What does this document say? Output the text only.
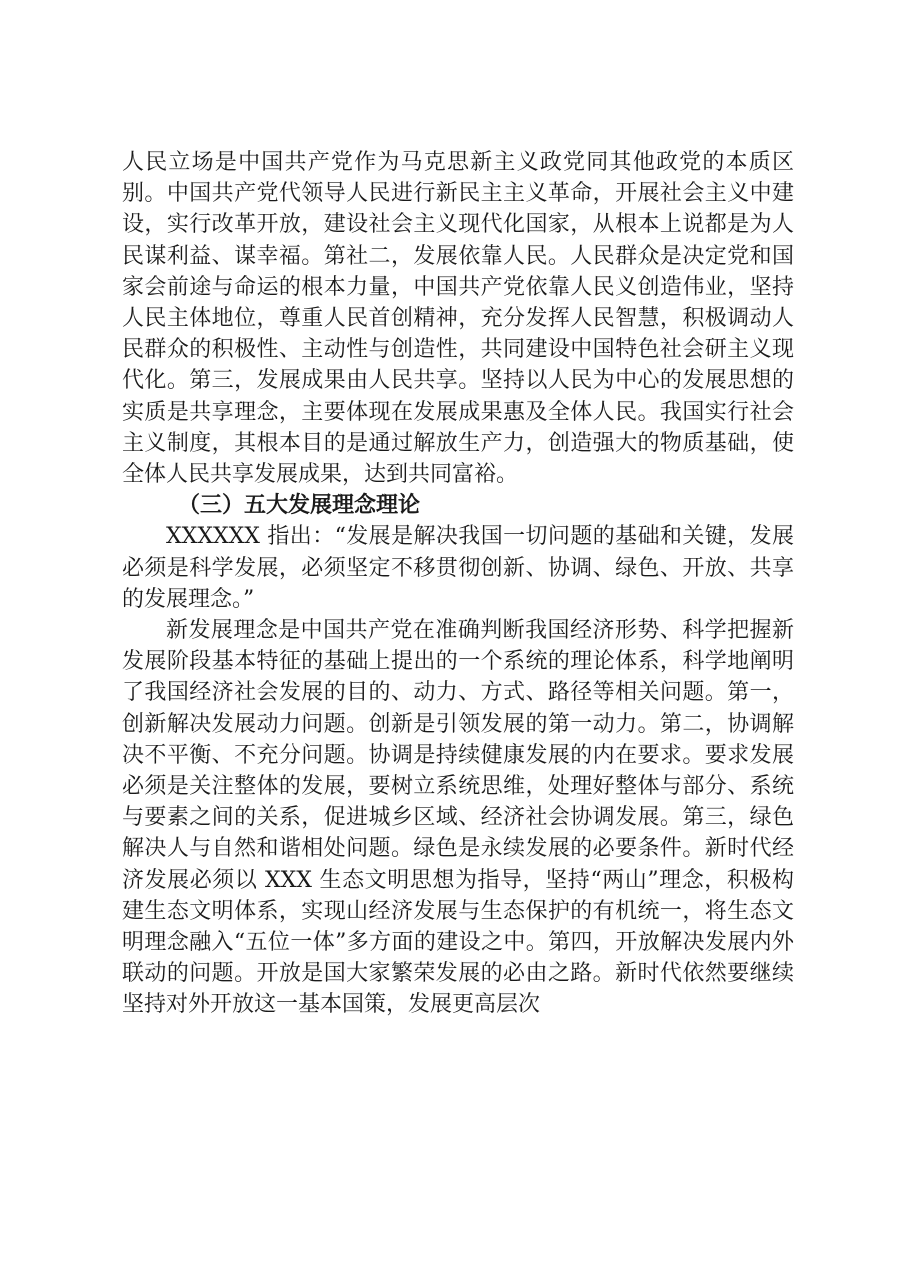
人民立场是中国共产党作为马克思新主义政党同其他政党的本质区别。中国共产党代领导人民进行新民主主义革命，开展社会主义中建设，实行改革开放，建设社会主义现代化国家，从根本上说都是为人民谋利益、谋幸福。第社二，发展依靠人民。人民群众是决定党和国家会前途与命运的根本力量，中国共产党依靠人民义创造伟业，坚持人民主体地位，尊重人民首创精神，充分发挥人民智慧，积极调动人民群众的积极性、主动性与创造性，共同建设中国特色社会研主义现代化。第三，发展成果由人民共享。坚持以人民为中心的发展思想的实质是共享理念，主要体现在发展成果惠及全体人民。我国实行社会主义制度，其根本目的是通过解放生产力，创造强大的物质基础，使全体人民共享发展成果，达到共同富裕。

（三）五大发展理念理论

XXXXXX 指出：“发展是解决我国一切问题的基础和关键，发展必须是科学发展，必须坚定不移贯彻创新、协调、绿色、开放、共享的发展理念。”

新发展理念是中国共产党在准确判断我国经济形势、科学把握新发展阶段基本特征的基础上提出的一个系统的理论体系，科学地阐明了我国经济社会发展的目的、动力、方式、路径等相关问题。第一，创新解决发展动力问题。创新是引领发展的第一动力。第二，协调解决不平衡、不充分问题。协调是持续健康发展的内在要求。要求发展必须是关注整体的发展，要树立系统思维，处理好整体与部分、系统与要素之间的关系，促进城乡区域、经济社会协调发展。第三，绿色解决人与自然和谐相处问题。绿色是永续发展的必要条件。新时代经济发展必须以 XXX 生态文明思想为指导，坚持“两山”理念，积极构建生态文明体系，实现山经济发展与生态保护的有机统一，将生态文明理念融入“五位一体”多方面的建设之中。第四，开放解决发展内外联动的问题。开放是国大家繁荣发展的必由之路。新时代依然要继续坚持对外开放这一基本国策，发展更高层次
